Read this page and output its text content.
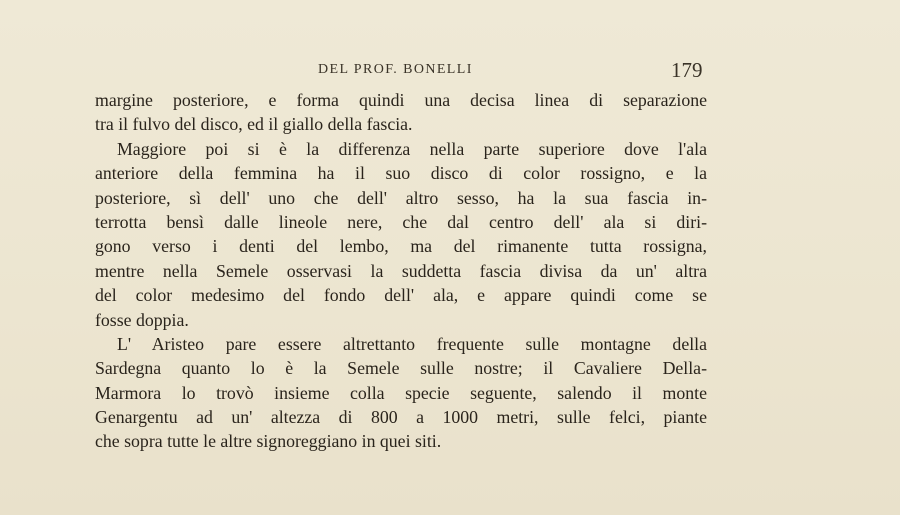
DEL PROF. BONELLI	179
margine posteriore, e forma quindi una decisa linea di separazione
tra il fulvo del disco, ed il giallo della fascia.
Maggiore poi si è la differenza nella parte superiore dove l'ala
anteriore della femmina ha il suo disco di color rossigno, e la
posteriore, sì dell' uno che dell' altro sesso, ha la sua fascia in-
terrotta bensì dalle lineole nere, che dal centro dell' ala si diri-
gono verso i denti del lembo, ma del rimanente tutta rossigna,
mentre nella Semele osservasi la suddetta fascia divisa da un' altra
del color medesimo del fondo dell' ala, e appare quindi come se
fosse doppia.
L' Aristeo pare essere altrettanto frequente sulle montagne della
Sardegna quanto lo è la Semele sulle nostre; il Cavaliere Della-
Marmora lo trovò insieme colla specie seguente, salendo il monte
Genargentu ad un' altezza di 800 a 1000 metri, sulle felci, piante
che sopra tutte le altre signoreggiano in quei siti.
